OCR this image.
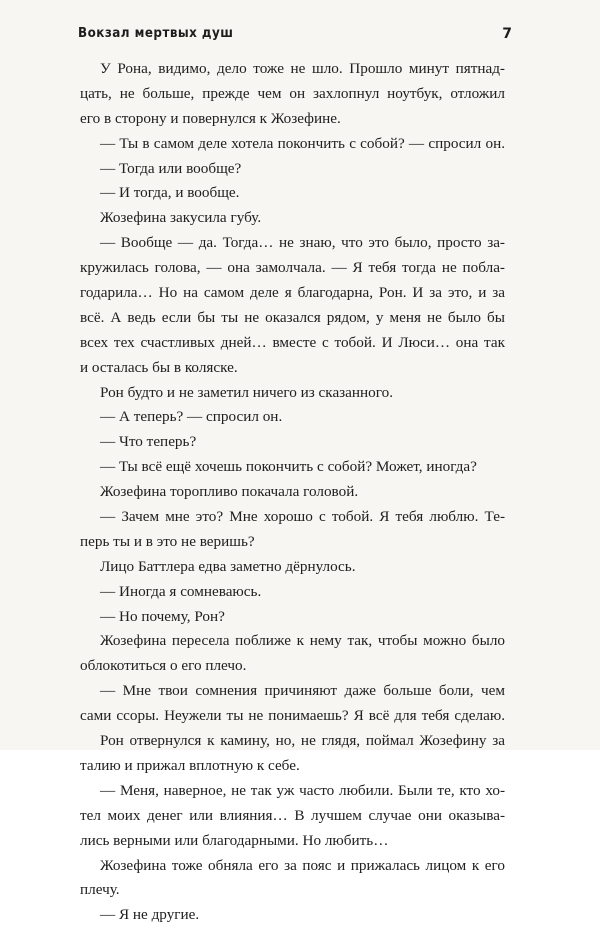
Вокзал мертвых душ	7
У Рона, видимо, дело тоже не шло. Прошло минут пятнад-
цать, не больше, прежде чем он захлопнул ноутбук, отложил
его в сторону и повернулся к Жозефине.
— Ты в самом деле хотела покончить с собой? — спросил он.
— Тогда или вообще?
— И тогда, и вообще.
Жозефина закусила губу.
— Вообще — да. Тогда… не знаю, что это было, просто за-
кружилась голова, — она замолчала. — Я тебя тогда не побла-
годарила… Но на самом деле я благодарна, Рон. И за это, и за
всё. А ведь если бы ты не оказался рядом, у меня не было бы
всех тех счастливых дней… вместе с тобой. И Люси… она так
и осталась бы в коляске.
Рон будто и не заметил ничего из сказанного.
— А теперь? — спросил он.
— Что теперь?
— Ты всё ещё хочешь покончить с собой? Может, иногда?
Жозефина торопливо покачала головой.
— Зачем мне это? Мне хорошо с тобой. Я тебя люблю. Те-
перь ты и в это не веришь?
Лицо Баттлера едва заметно дёрнулось.
— Иногда я сомневаюсь.
— Но почему, Рон?
Жозефина пересела поближе к нему так, чтобы можно было
облокотиться о его плечо.
— Мне твои сомнения причиняют даже больше боли, чем
сами ссоры. Неужели ты не понимаешь? Я всё для тебя сделаю.
Рон отвернулся к камину, но, не глядя, поймал Жозефину за
талию и прижал вплотную к себе.
— Меня, наверное, не так уж часто любили. Были те, кто хо-
тел моих денег или влияния… В лучшем случае они оказыва-
лись верными или благодарными. Но любить…
Жозефина тоже обняла его за пояс и прижалась лицом к его
плечу.
— Я не другие.
